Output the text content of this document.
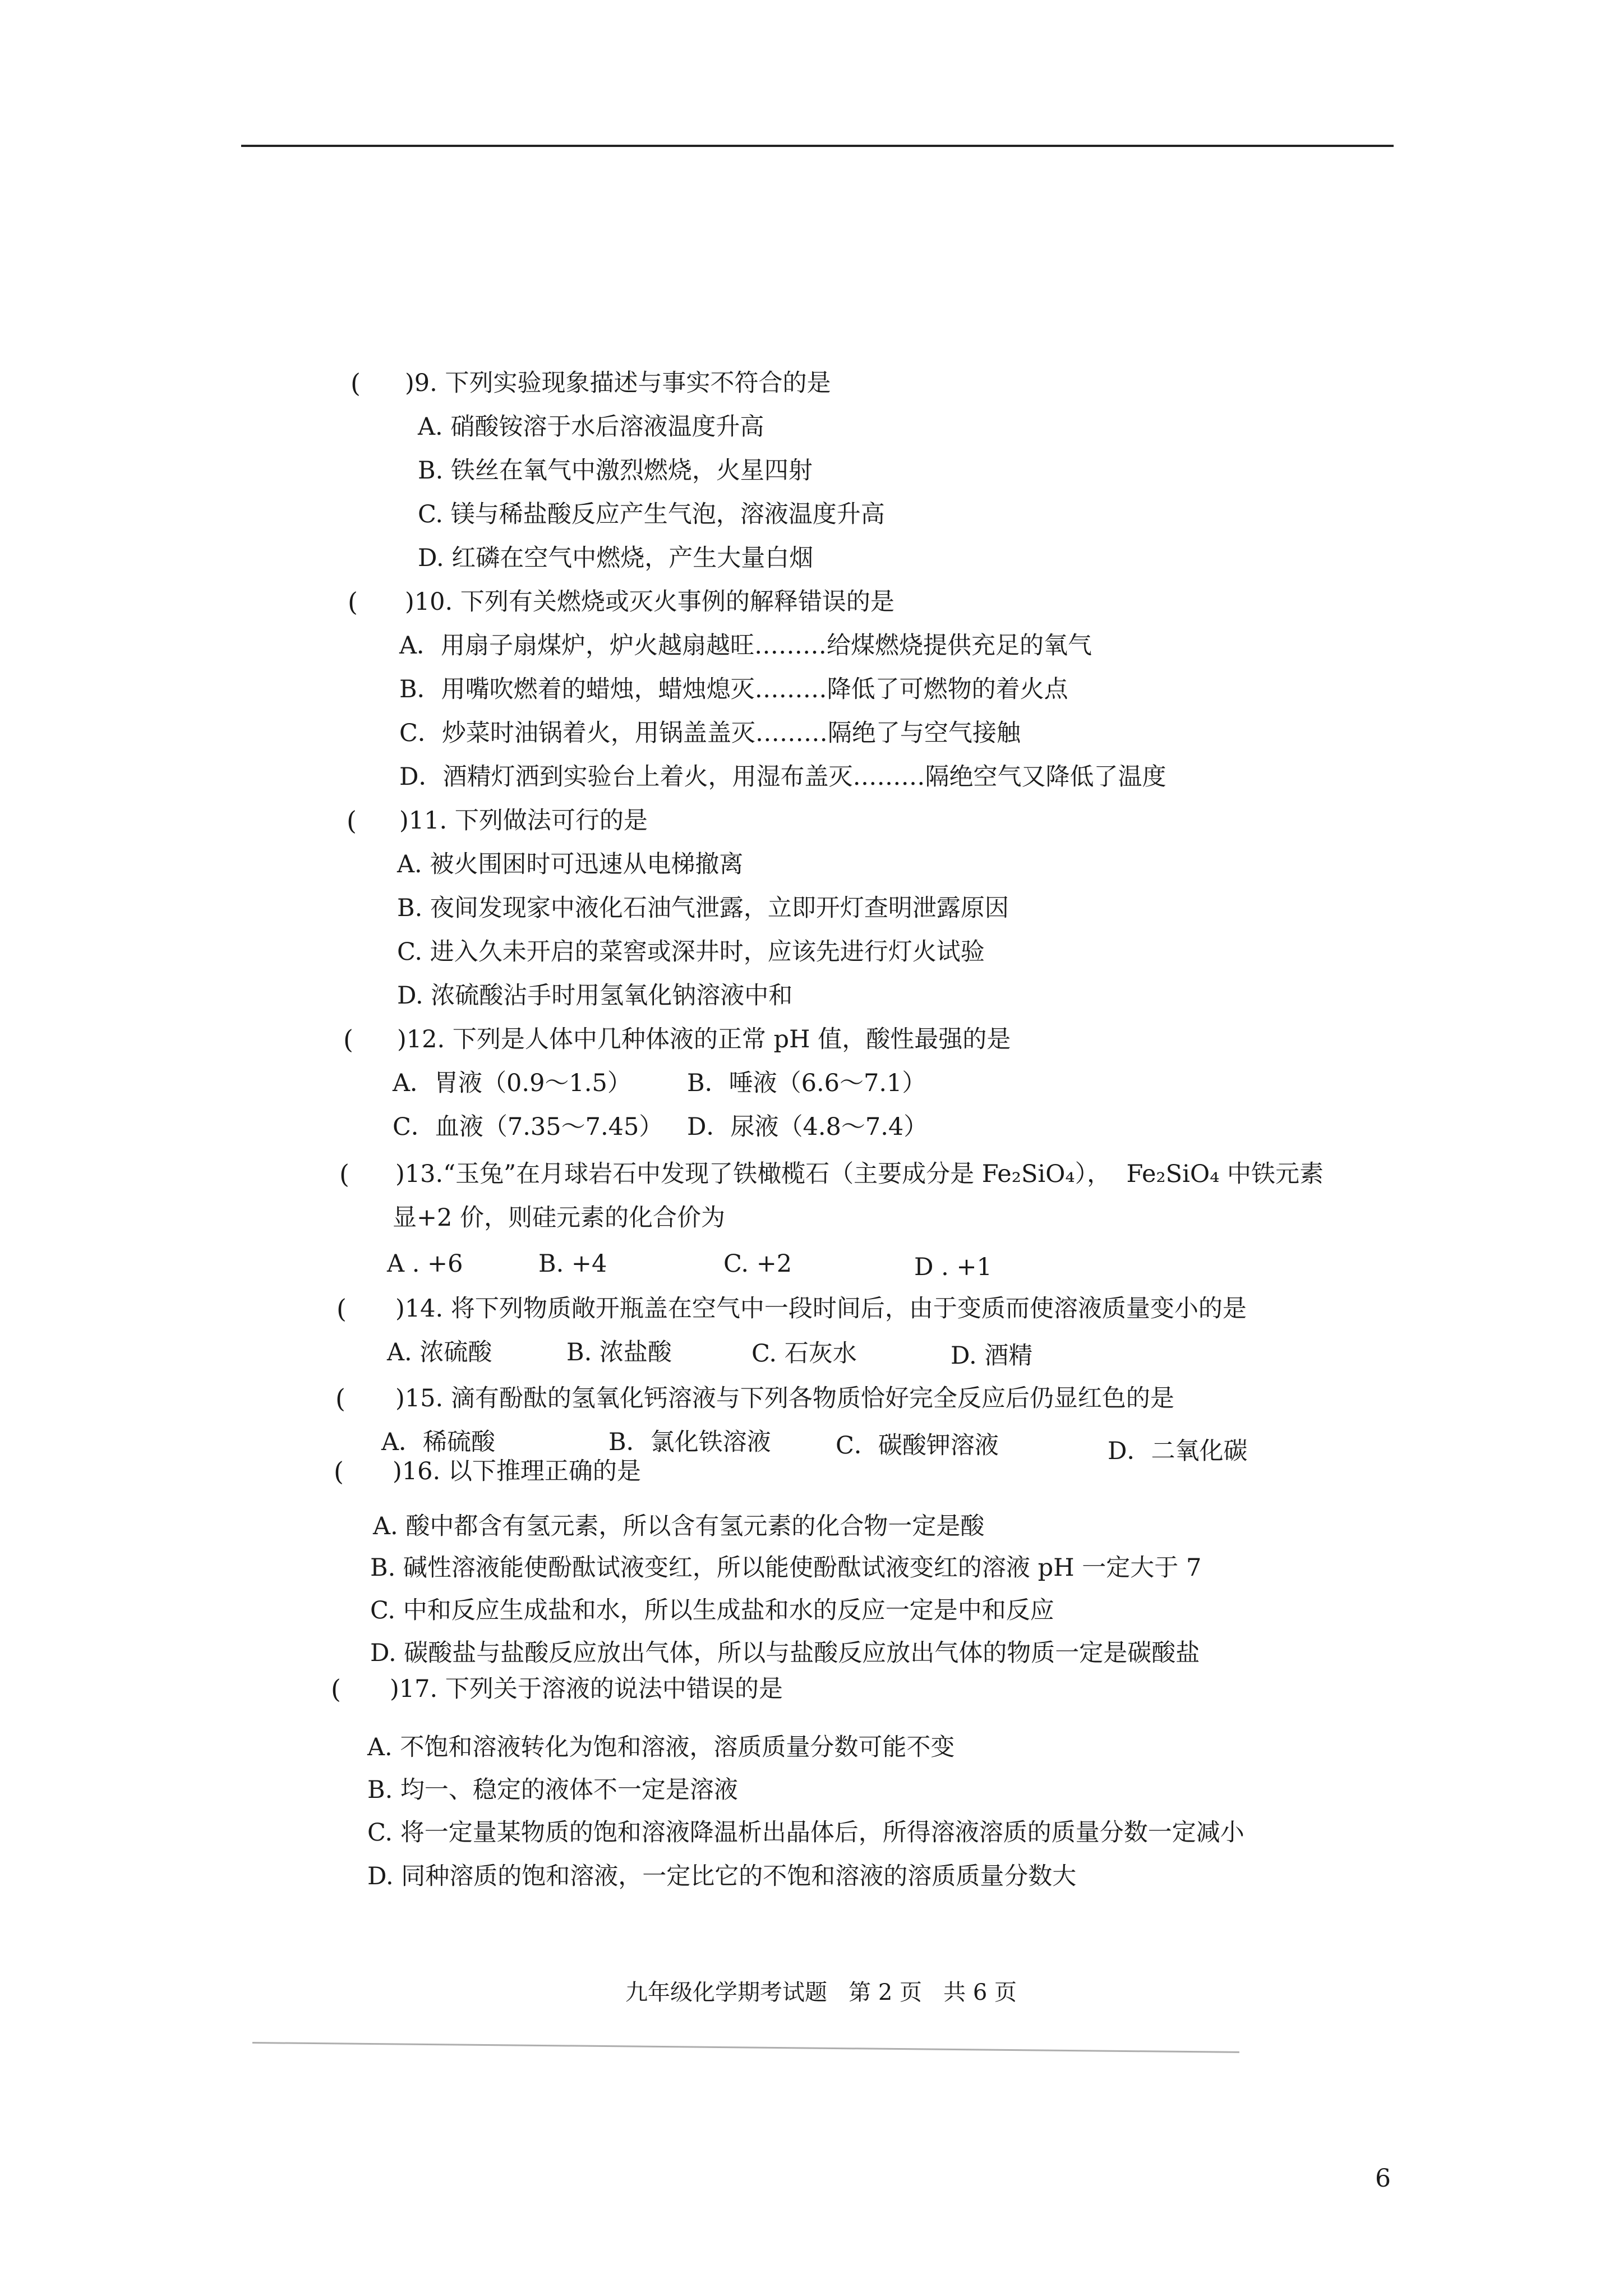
( )9. 下列实验现象描述与事实不符合的是
A. 硝酸铵溶于水后溶液温度升高
B. 铁丝在氧气中激烈燃烧，火星四射
C. 镁与稀盐酸反应产生气泡，溶液温度升高
D. 红磷在空气中燃烧，产生大量白烟
( )10. 下列有关燃烧或灭火事例的解释错误的是
A．用扇子扇煤炉，炉火越扇越旺………给煤燃烧提供充足的氧气
B．用嘴吹燃着的蜡烛，蜡烛熄灭………降低了可燃物的着火点
C．炒菜时油锅着火，用锅盖盖灭………隔绝了与空气接触
D．酒精灯洒到实验台上着火，用湿布盖灭………隔绝空气又降低了温度
( )11. 下列做法可行的是
A. 被火围困时可迅速从电梯撤离
B. 夜间发现家中液化石油气泄露，立即开灯查明泄露原因
C. 进入久未开启的菜窖或深井时，应该先进行灯火试验
D. 浓硫酸沾手时用氢氧化钠溶液中和
( )12. 下列是人体中几种体液的正常 pH 值，酸性最强的是
A．胃液（0.9～1.5） B．唾液（6.6～7.1）
C．血液（7.35～7.45） D．尿液（4.8～7.4）
( )13.“玉兔”在月球岩石中发现了铁橄榄石（主要成分是 Fe₂SiO₄），  Fe₂SiO₄ 中铁元素
显+2 价，则硅元素的化合价为
A . +6	B. +4	C. +2	D . +1
( )14. 将下列物质敞开瓶盖在空气中一段时间后，由于变质而使溶液质量变小的是
A. 浓硫酸	B. 浓盐酸	C. 石灰水	D. 酒精
( )15. 滴有酚酞的氢氧化钙溶液与下列各物质恰好完全反应后仍显红色的是
A．稀硫酸	B．氯化铁溶液	C．碳酸钾溶液	D．二氧化碳
( )16. 以下推理正确的是
A. 酸中都含有氢元素，所以含有氢元素的化合物一定是酸
B. 碱性溶液能使酚酞试液变红，所以能使酚酞试液变红的溶液 pH 一定大于 7
C. 中和反应生成盐和水，所以生成盐和水的反应一定是中和反应
D. 碳酸盐与盐酸反应放出气体，所以与盐酸反应放出气体的物质一定是碳酸盐
( )17. 下列关于溶液的说法中错误的是
A. 不饱和溶液转化为饱和溶液，溶质质量分数可能不变
B. 均一、稳定的液体不一定是溶液
C. 将一定量某物质的饱和溶液降温析出晶体后，所得溶液溶质的质量分数一定减小
D. 同种溶质的饱和溶液，一定比它的不饱和溶液的溶质质量分数大
九年级化学期考试题   第 2 页   共 6 页
6
